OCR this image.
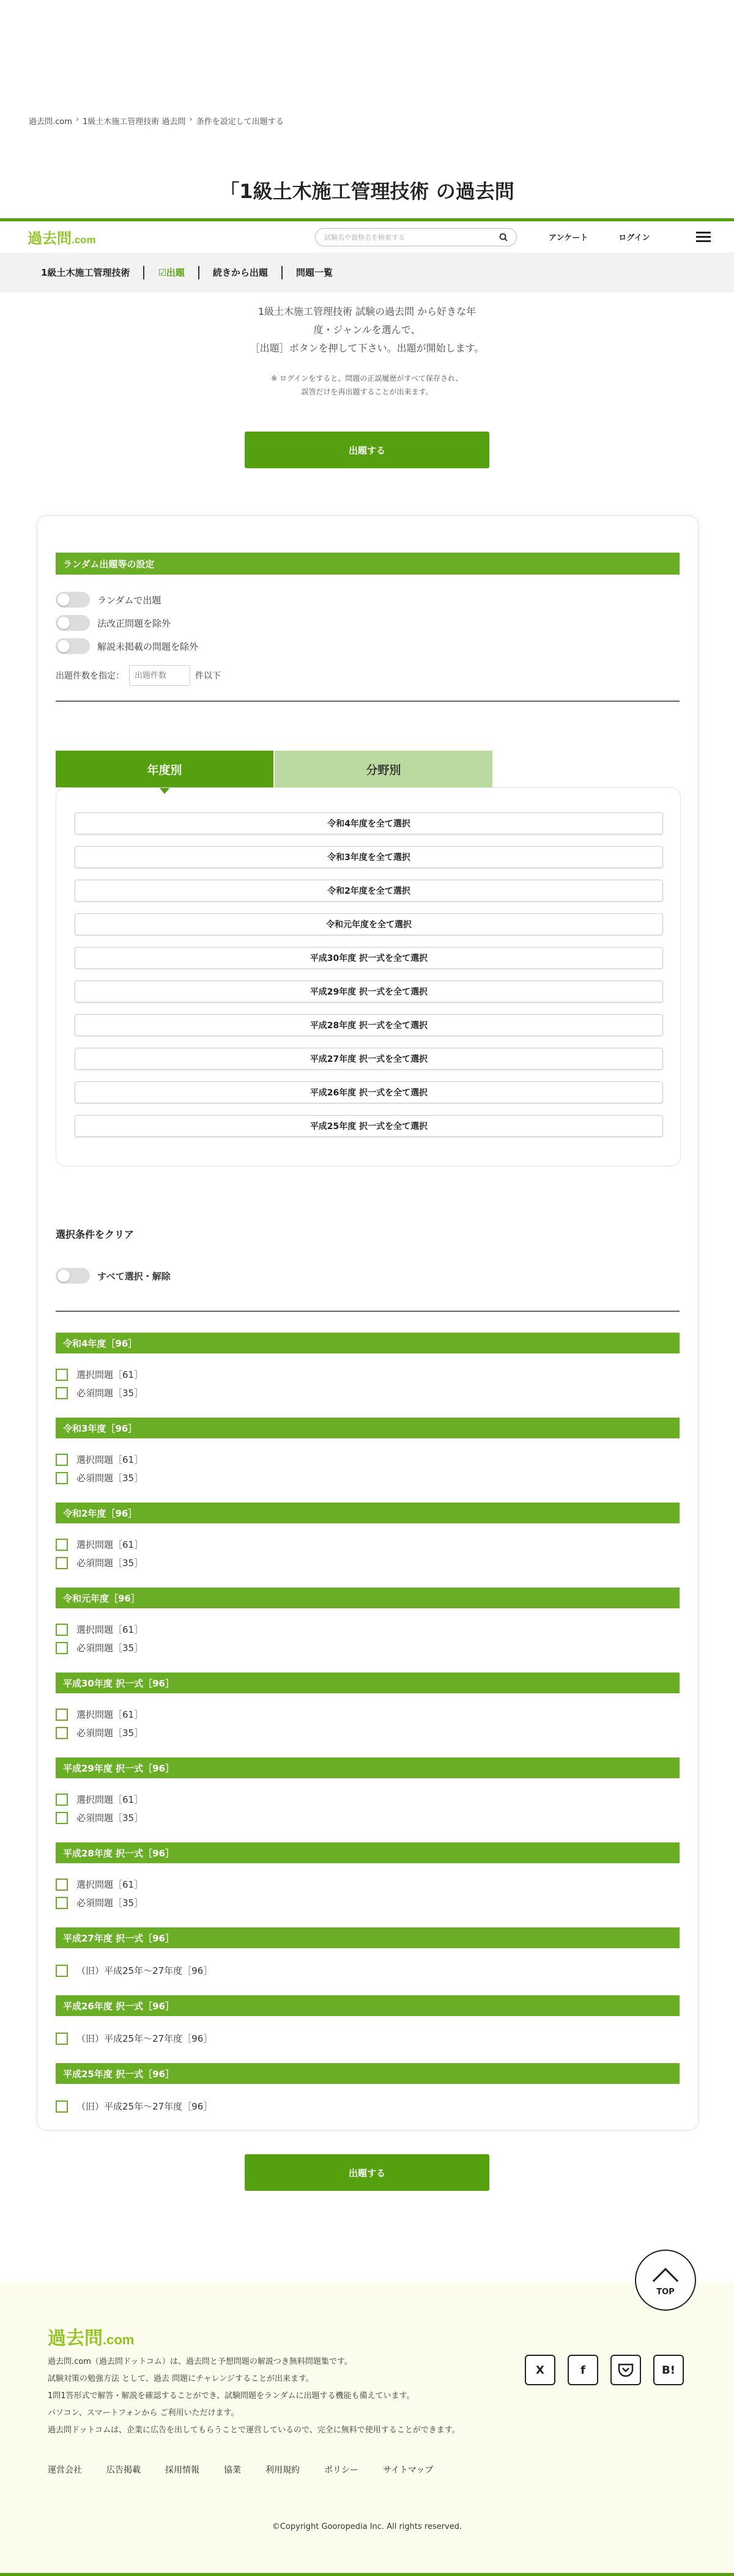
過去問.com › 1級土木施工管理技術 過去問 › 条件を設定して出題する
「1級土木施工管理技術 の過去問
過去問.com	試験名や資格名を検索する	アンケート	ログイン
1級土木施工管理技術	☑出題	続きから出題	問題一覧
1級土木施工管理技術 試験の過去問 から好きな年
度・ジャンルを選んで、
［出題］ボタンを押して下さい。出題が開始します。
※ ログインをすると、問題の正誤履歴がすべて保存され、
誤答だけを再出題することが出来ます。
出題する
ランダム出題等の設定
ランダムで出題
法改正問題を除外
解説未掲載の問題を除外
出題件数を指定：
出題件数	件以下
年度別	分野別
令和4年度を全て選択
令和3年度を全て選択
令和2年度を全て選択
令和元年度を全て選択
平成30年度 択一式を全て選択
平成29年度 択一式を全て選択
平成28年度 択一式を全て選択
平成27年度 択一式を全て選択
平成26年度 択一式を全て選択
平成25年度 択一式を全て選択
選択条件をクリア
すべて選択・解除
令和4年度［96］
選択問題［61］
必須問題［35］
令和3年度［96］
選択問題［61］
必須問題［35］
令和2年度［96］
選択問題［61］
必須問題［35］
令和元年度［96］
選択問題［61］
必須問題［35］
平成30年度 択一式［96］
選択問題［61］
必須問題［35］
平成29年度 択一式［96］
選択問題［61］
必須問題［35］
平成28年度 択一式［96］
選択問題［61］
必須問題［35］
平成27年度 択一式［96］
（旧）平成25年〜27年度［96］
平成26年度 択一式［96］
（旧）平成25年〜27年度［96］
平成25年度 択一式［96］
（旧）平成25年〜27年度［96］
出題する
TOP
過去問.com
過去問.com（過去問ドットコム）は、過去問と予想問題の解説つき無料問題集です。
試験対策の勉強方法 として、過去 問題にチャレンジすることが出来ます。
1問1答形式で解答・解説を確認することができ、試験問題をランダムに出題する機能も備えています。
パソコン、スマートフォンから ご利用いただけます。
過去問ドットコムは、企業に広告を出してもらうことで運営しているので、完全に無料で使用することができます。
X	f	B!
運営会社	広告掲載	採用情報	協業	利用規約	ポリシー	サイトマップ
©Copyright Gooropedia Inc. All rights reserved.
